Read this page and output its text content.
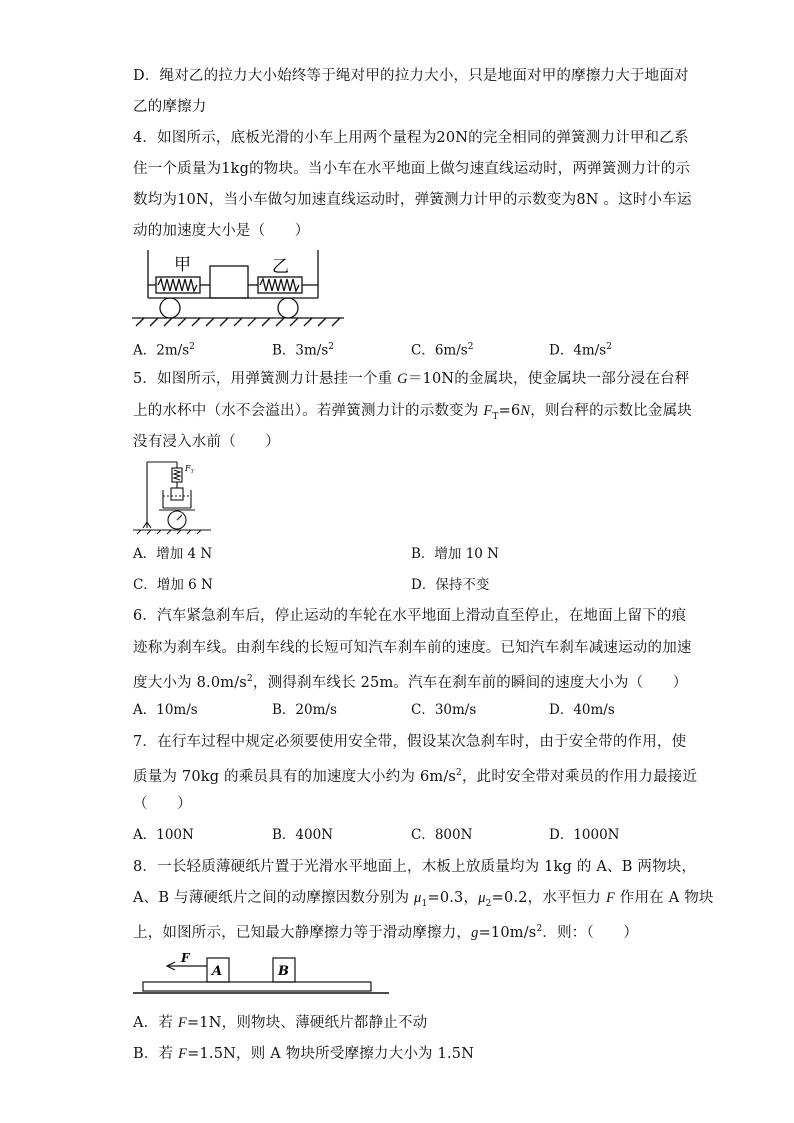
D．绳对乙的拉力大小始终等于绳对甲的拉力大小，只是地面对甲的摩擦力大于地面对
乙的摩擦力
4．如图所示，底板光滑的小车上用两个量程为20N的完全相同的弹簧测力计甲和乙系
住一个质量为1kg的物块。当小车在水平地面上做匀速直线运动时，两弹簧测力计的示
数均为10N，当小车做匀加速直线运动时，弹簧测力计甲的示数变为8N 。这时小车运
动的加速度大小是（　　）
甲	乙
A．$2m/s^2$	B．$3m/s^2$	C．$6m/s^2$	D．$4m/s^2$
5．如图所示，用弹簧测力计悬挂一个重 G＝10N的金属块，使金属块一部分浸在台秤
上的水杯中（水不会溢出）。若弹簧测力计的示数变为 $F_T=6N$，则台秤的示数比金属块
没有浸入水前（　　）
$F_T$
A．增加 4 N	B．增加 10 N
C．增加 6 N	D．保持不变
6．汽车紧急刹车后，停止运动的车轮在水平地面上滑动直至停止，在地面上留下的痕
迹称为刹车线。由刹车线的长短可知汽车刹车前的速度。已知汽车刹车减速运动的加速
度大小为 $8.0m/s^2$，测得刹车线长 25m。汽车在刹车前的瞬间的速度大小为（　　）
A．10m/s	B．20m/s	C．30m/s	D．40m/s
7．在行车过程中规定必须要使用安全带，假设某次急刹车时，由于安全带的作用，使
质量为 70kg 的乘员具有的加速度大小约为 $6m/s^2$，此时安全带对乘员的作用力最接近
（　　）
A．100N	B．400N	C．800N	D．1000N
8．一长轻质薄硬纸片置于光滑水平地面上，木板上放质量均为 1kg 的 A、B 两物块，
A、B 与薄硬纸片之间的动摩擦因数分别为 $\mu_1=0.3$，$\mu_2=0.2$，水平恒力 F 作用在 A 物块
上，如图所示，已知最大静摩擦力等于滑动摩擦力，$g=10m/s^2$．则：（　　）
F
A	B
A．若 F=1N，则物块、薄硬纸片都静止不动
B．若 F=1.5N，则 A 物块所受摩擦力大小为 1.5N
